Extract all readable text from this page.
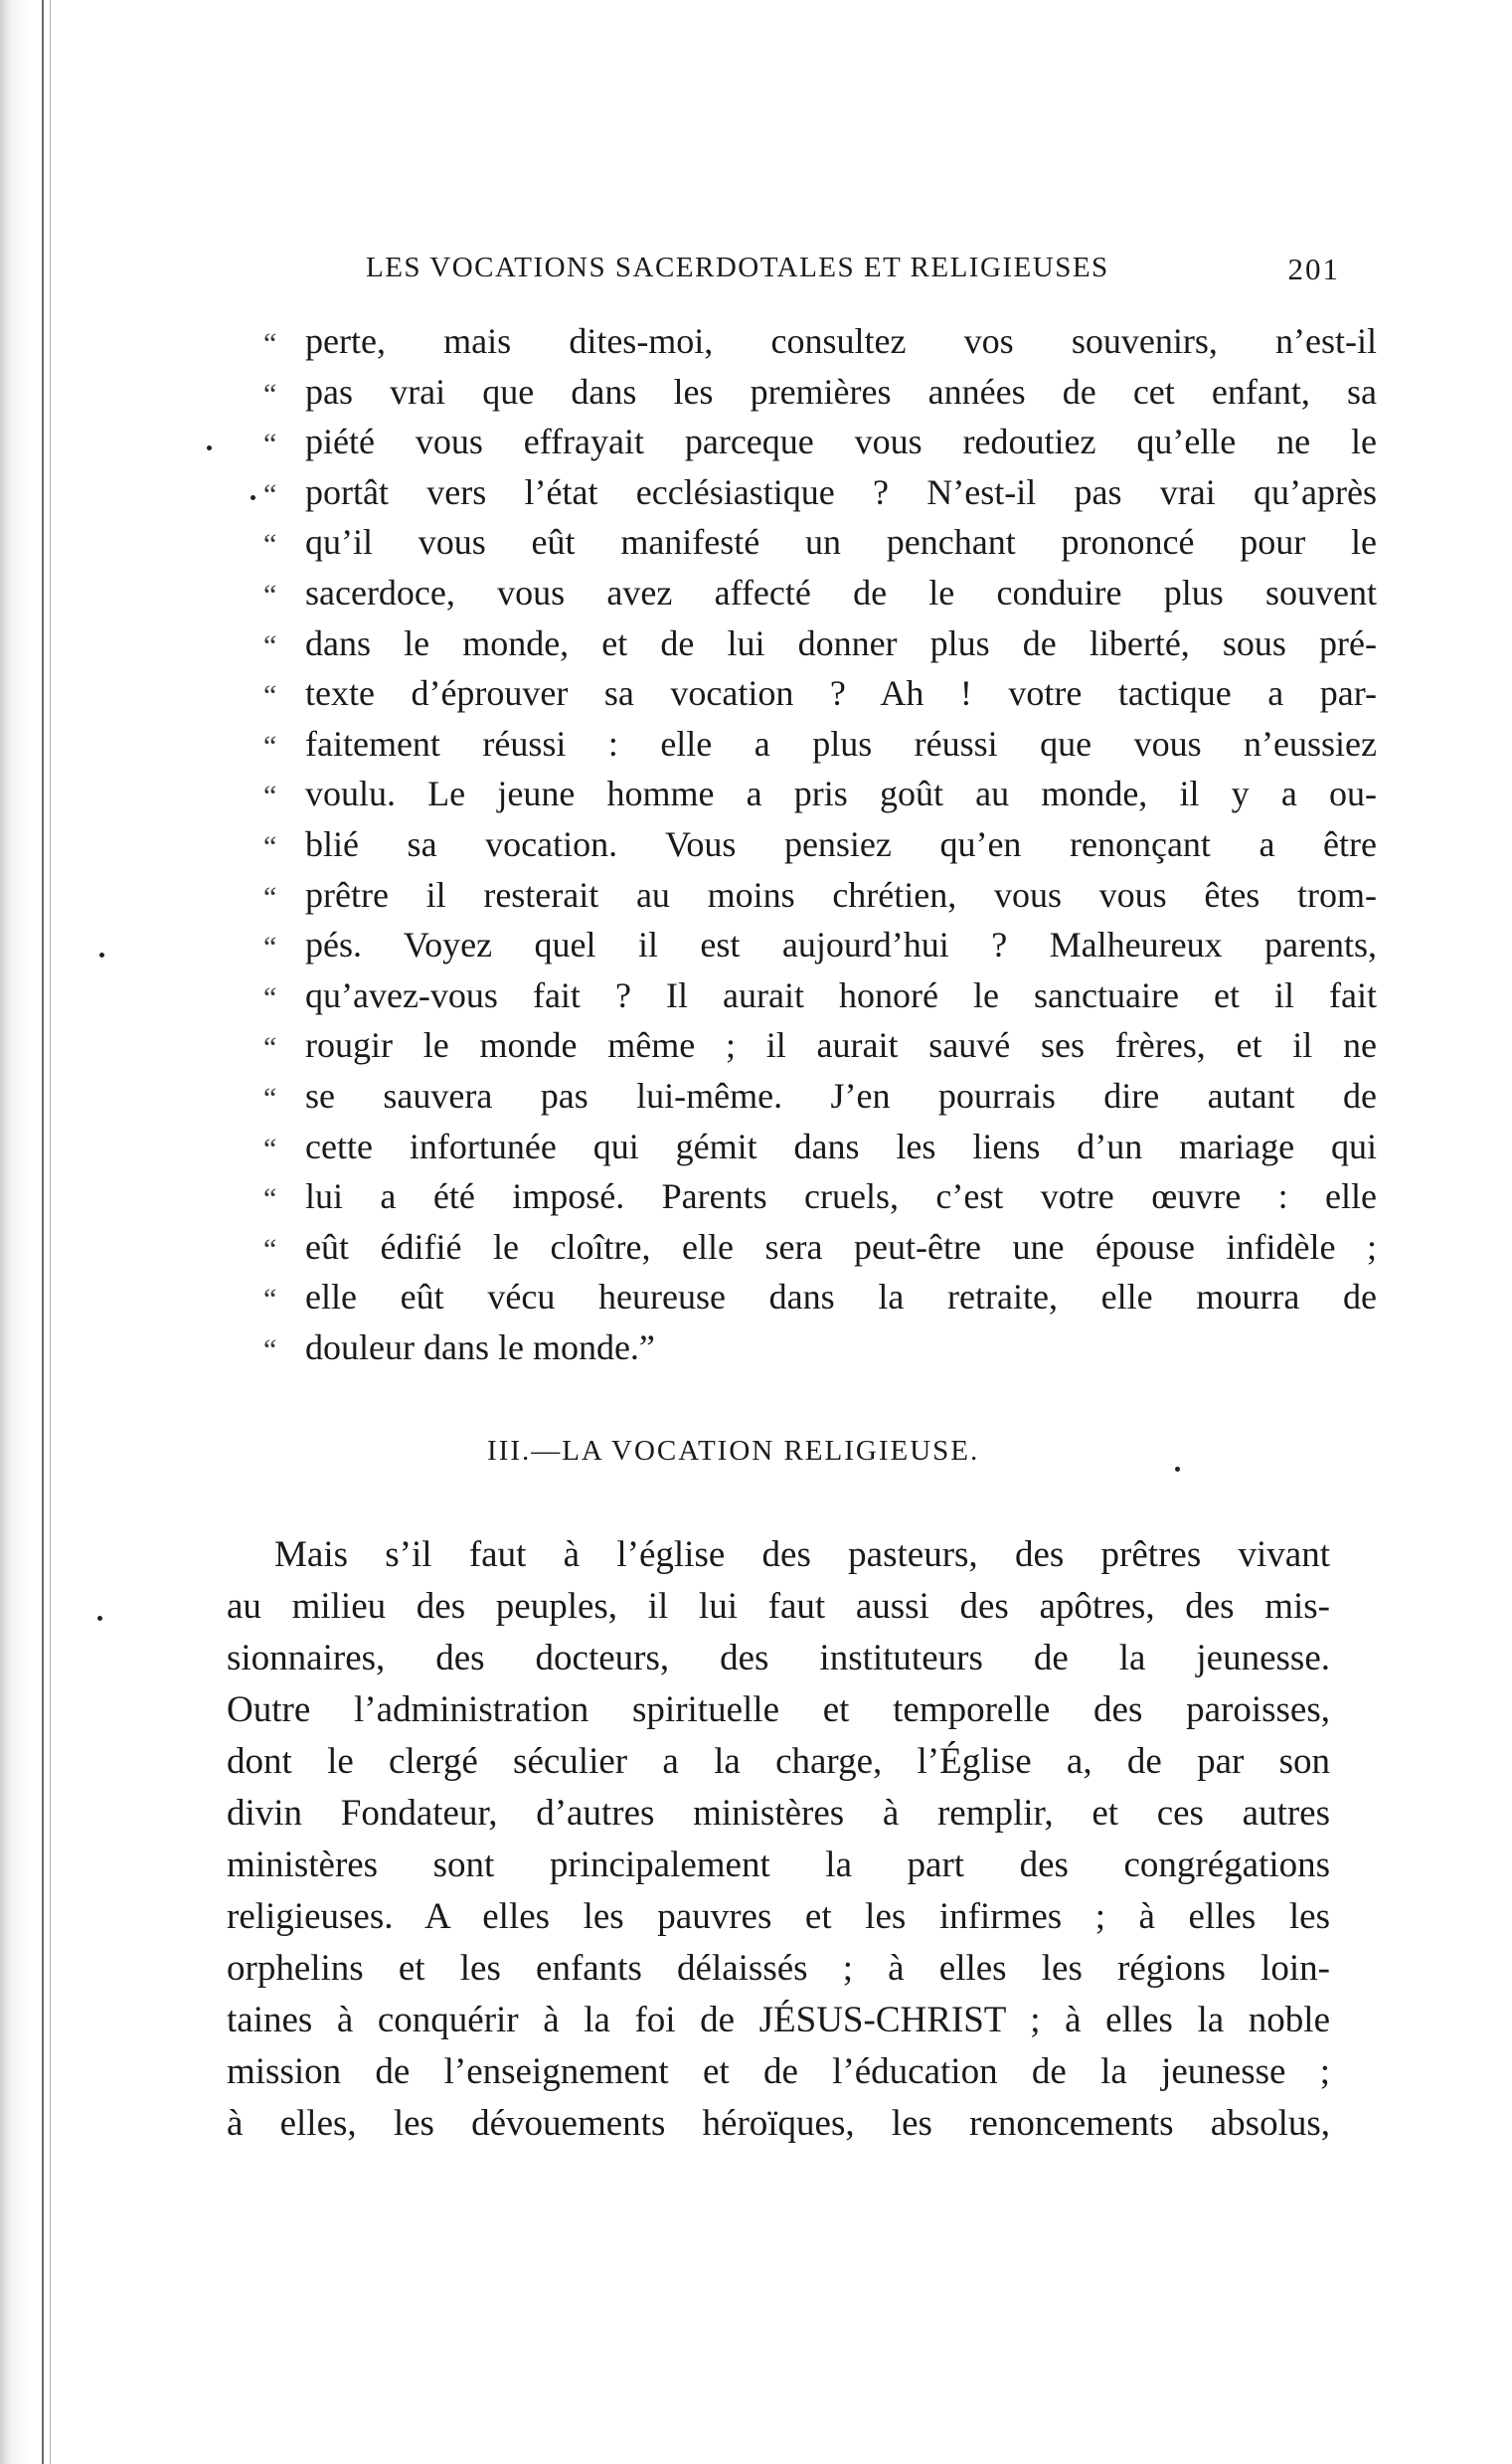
LES VOCATIONS SACERDOTALES ET RELIGIEUSES	201
“ perte, mais dites-moi, consultez vos souvenirs, n’est-il
“ pas vrai que dans les premières années de cet enfant, sa
“ piété vous effrayait parceque vous redoutiez qu’elle ne le
“ portât vers l’état ecclésiastique ? N’est-il pas vrai qu’après
“ qu’il vous eût manifesté un penchant prononcé pour le
“ sacerdoce, vous avez affecté de le conduire plus souvent
“ dans le monde, et de lui donner plus de liberté, sous pré-
“ texte d’éprouver sa vocation ? Ah ! votre tactique a par-
“ faitement réussi : elle a plus réussi que vous n’eussiez
“ voulu. Le jeune homme a pris goût au monde, il y a ou-
“ blié sa vocation. Vous pensiez qu’en renonçant a être
“ prêtre il resterait au moins chrétien, vous vous êtes trom-
“ pés. Voyez quel il est aujourd’hui ? Malheureux parents,
“ qu’avez-vous fait ? Il aurait honoré le sanctuaire et il fait
“ rougir le monde même ; il aurait sauvé ses frères, et il ne
“ se sauvera pas lui-même. J’en pourrais dire autant de
“ cette infortunée qui gémit dans les liens d’un mariage qui
“ lui a été imposé. Parents cruels, c’est votre œuvre : elle
“ eût édifié le cloître, elle sera peut-être une épouse infidèle ;
“ elle eût vécu heureuse dans la retraite, elle mourra de
“ douleur dans le monde.”
III.—LA VOCATION RELIGIEUSE.
Mais s’il faut à l’église des pasteurs, des prêtres vivant
au milieu des peuples, il lui faut aussi des apôtres, des mis-
sionnaires, des docteurs, des instituteurs de la jeunesse.
Outre l’administration spirituelle et temporelle des paroisses,
dont le clergé séculier a la charge, l’Église a, de par son
divin Fondateur, d’autres ministères à remplir, et ces autres
ministères sont principalement la part des congrégations
religieuses. A elles les pauvres et les infirmes ; à elles les
orphelins et les enfants délaissés ; à elles les régions loin-
taines à conquérir à la foi de JÉSUS-CHRIST ; à elles la noble
mission de l’enseignement et de l’éducation de la jeunesse ;
à elles, les dévouements héroïques, les renoncements absolus,
